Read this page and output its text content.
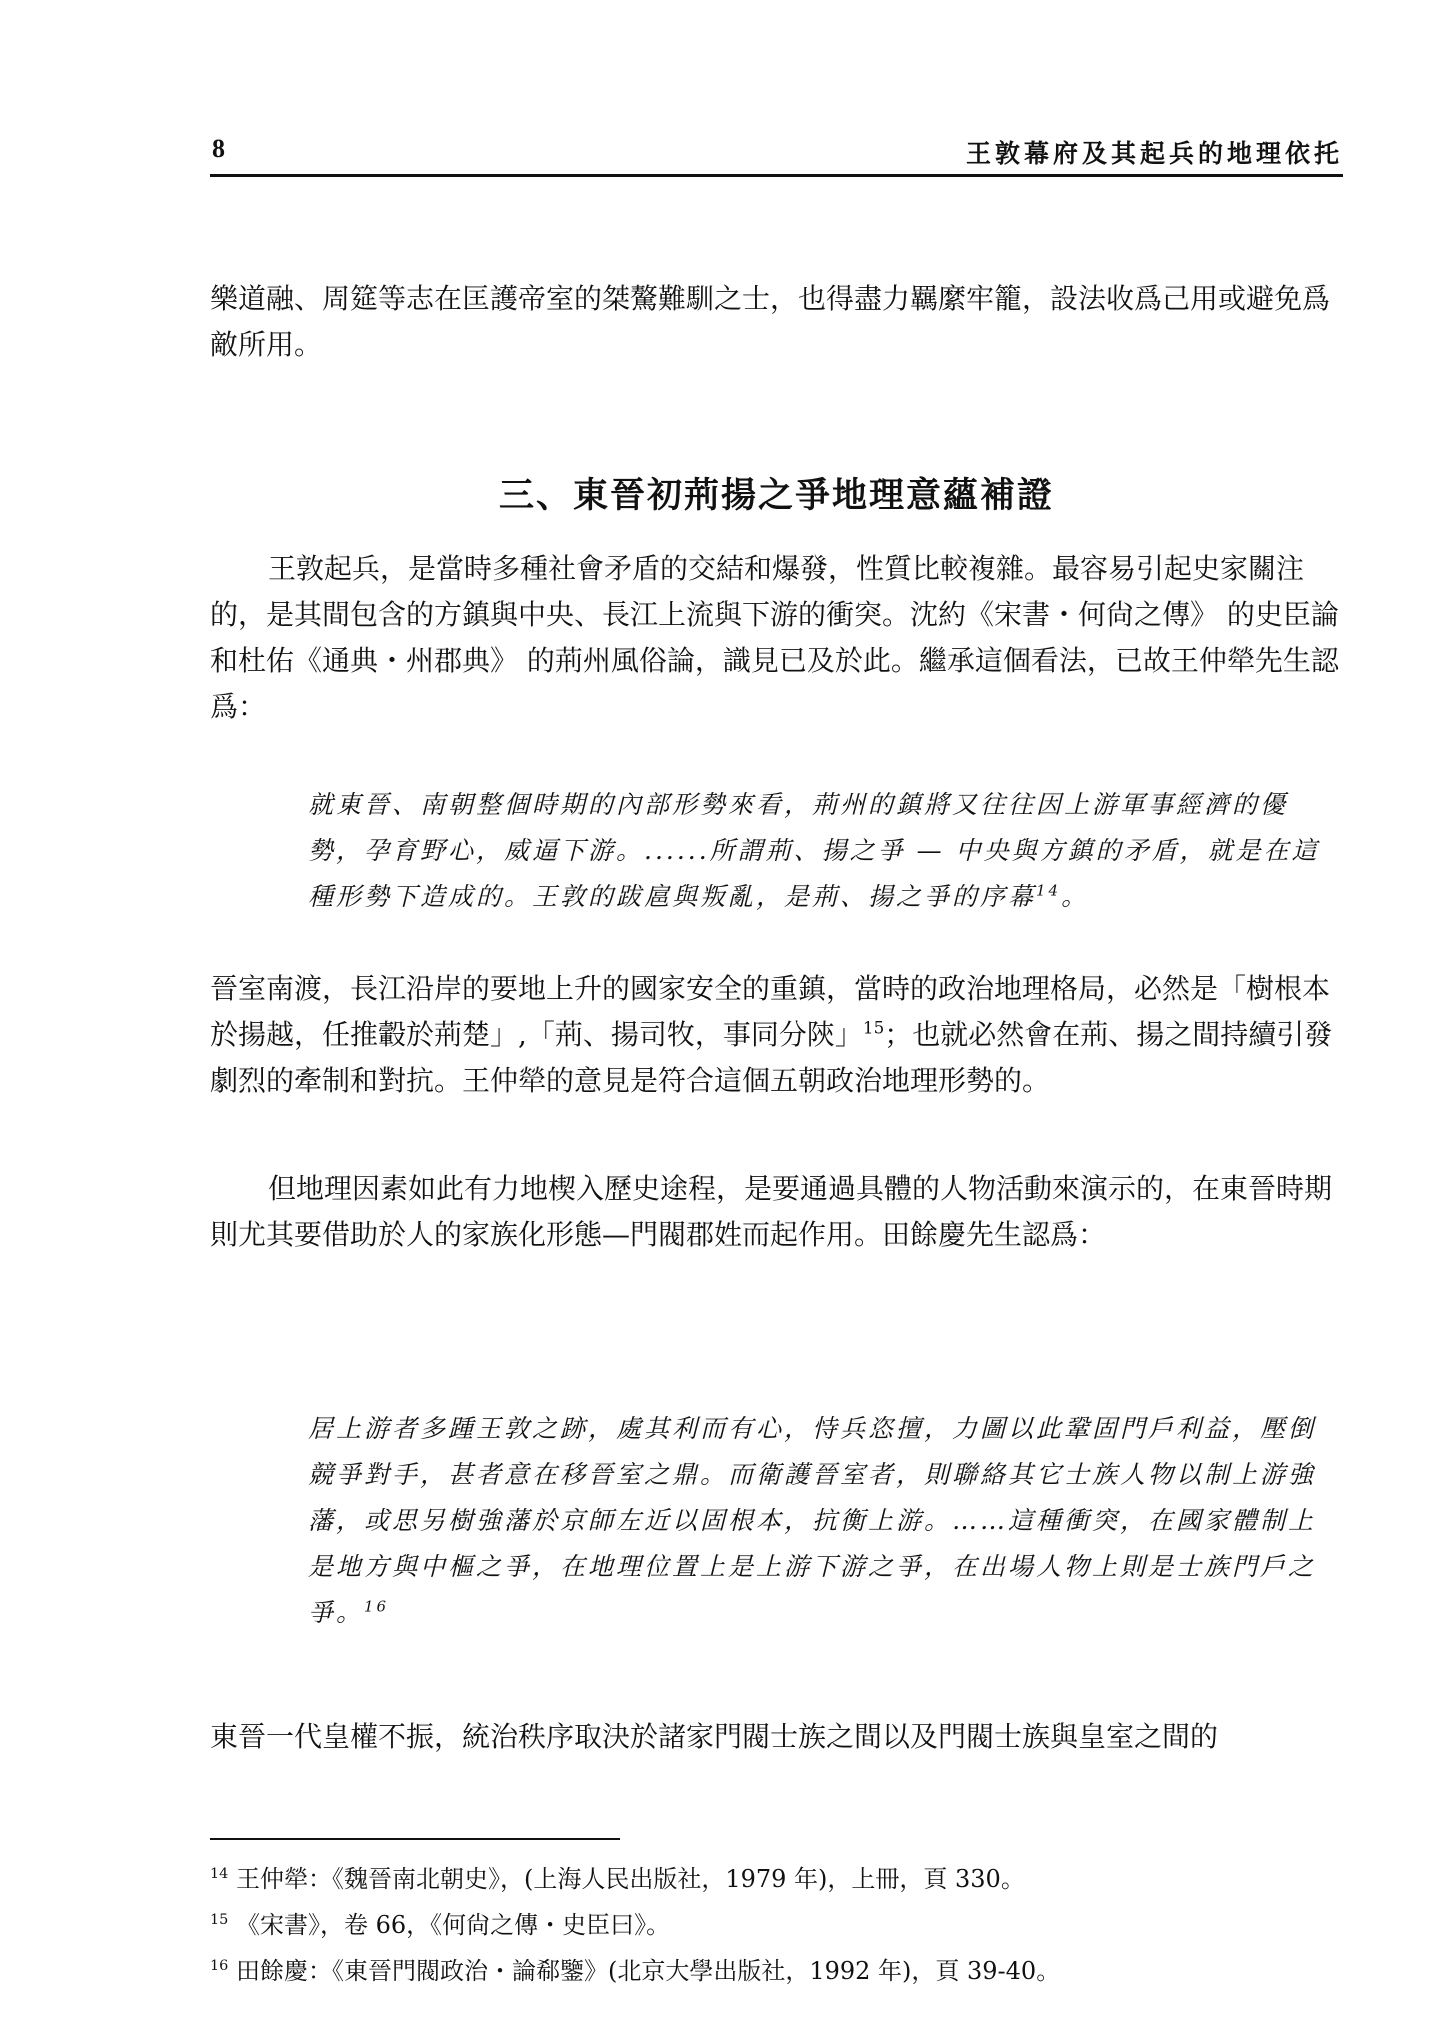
8	王敦幕府及其起兵的地理依托

樂道融、周筵等志在匡護帝室的桀驁難馴之士，也得盡力羈縻牢籠，設法收爲己用或避免爲敵所用。

三、東晉初荊揚之爭地理意蘊補證

王敦起兵，是當時多種社會矛盾的交結和爆發，性質比較複雜。最容易引起史家關注的，是其間包含的方鎮與中央、長江上流與下游的衝突。沈約《宋書・何尙之傳》 的史臣論和杜佑《通典・州郡典》 的荊州風俗論，識見已及於此。繼承這個看法，已故王仲犖先生認爲：

就東晉、南朝整個時期的內部形勢來看，荊州的鎮將又往往因上游軍事經濟的優勢，孕育野心，威逼下游。......所謂荊、揚之爭 — 中央與方鎮的矛盾，就是在這種形勢下造成的。王敦的跋扈與叛亂，是荊、揚之爭的序幕$^{14}$。

晉室南渡，長江沿岸的要地上升的國家安全的重鎮，當時的政治地理格局，必然是「樹根本於揚越，任推轂於荊楚」,「荊、揚司牧，事同分陝」$^{15}$；也就必然會在荊、揚之間持續引發劇烈的牽制和對抗。王仲犖的意見是符合這個五朝政治地理形勢的。

但地理因素如此有力地楔入歷史途程，是要通過具體的人物活動來演示的，在東晉時期則尤其要借助於人的家族化形態—門閥郡姓而起作用。田餘慶先生認爲：

居上游者多踵王敦之跡，處其利而有心，恃兵恣擅，力圖以此鞏固門戶利益，壓倒競爭對手，甚者意在移晉室之鼎。而衛護晉室者，則聯絡其它士族人物以制上游強藩，或思另樹強藩於京師左近以固根本，抗衡上游。……這種衝突，在國家體制上是地方與中樞之爭，在地理位置上是上游下游之爭，在出場人物上則是士族門戶之爭。$^{16}$

東晉一代皇權不振，統治秩序取決於諸家門閥士族之間以及門閥士族與皇室之間的

$^{14}$ 王仲犖：《魏晉南北朝史》，(上海人民出版社，1979 年)，上冊，頁 330。
$^{15}$ 《宋書》，卷 66，《何尙之傳・史臣曰》。
$^{16}$ 田餘慶：《東晉門閥政治・論郗鑒》(北京大學出版社，1992 年)，頁 39-40。
